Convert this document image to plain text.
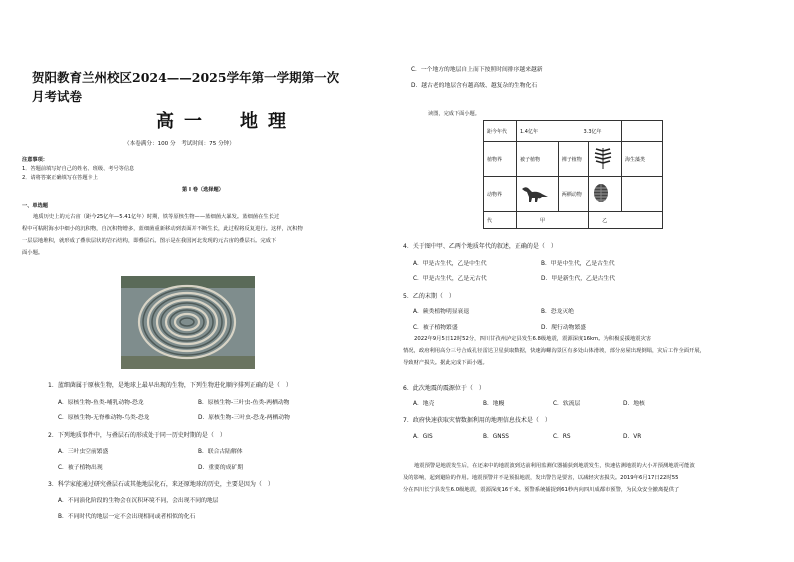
贺阳教育兰州校区2024——2025学年第一学期第一次
月考试卷
高一　地理
（本卷满分：100 分　考试时间：75 分钟）
注意事项：
1．答题前填写好自己的姓名、班级、考号等信息
2．请将答案正确填写在答题卡上
第 I 卷（选择题）
一、单选题

地质历史上的元古宙（距今25亿年—5.41亿年）时期，铁等原核生物——蓝细菌大暴发。蓝细菌在生长过

程中可粘附海水中细小的沉积物，自沉积物增多，蓝细菌重新移动到表面并不断生长，此过程将反复进行。这样，沉积物
一层层地堆积，就形成了叠状层状的岩石结构，即叠层石。图示是在我国河北发现的元古宙的叠层石。完成下
面小题。
1．蓝细菌属于原核生物，是地球上最早出现的生物，下列生物进化顺序排列正确的是（　）
A．原核生物-鱼类-哺乳动物-恐龙	B．原核生物-三叶虫-鱼类-两栖动物
C．原核生物-无脊椎动物-鸟类-恐龙	D．原核生物-三叶虫-恐龙-两栖动物
2．下列地质事件中，与叠层石的形成处于同一历史时期的是（　）
A．三叶虫空前繁盛	B．联合古陆解体
C．被子植物出现	D．重要的成矿期
3．科学家能通过研究叠层石或其他地层化石，来还原地球的历史，主要是因为（　）
A．不同演化阶段的生物会在沉积环境不同，会出现不同的地层
B．不同时代的地层一定不会出现相同或者相似的化石
C．一个地方的地层自上而下按照时间排序越来越新
D．越古老的地层含有越高级、越复杂的生物化石
读图，完成下面小题。
距今年代	1.4亿年 3.3亿年			
植物界	被子植物	裸子植物		海生藻类
动物界		两栖动物		
代	甲		乙	
4．关于图中甲、乙两个地质年代的叙述，正确的是（　）
A．甲是古生代，乙是中生代	B．甲是中生代，乙是古生代
C．甲是古生代，乙是元古代	D．甲是新生代，乙是古生代
5．乙的末期（　）
A．蕨类植物明显衰退	B．恐龙灭绝
C．被子植物繁盛	D．爬行动物繁盛

2022年9月5日12时52分，四川甘孜州泸定县发生6.8级地震，震源深度16km。为积极妥援地震灾害

情况，政府利用高分三号合成孔径雷达卫星获取数据，快速海螺沟景区有多处山体滑坡，部分房屋出现倒塌，灾后工作全面开展，
导致财产损失。据此完成下面小题。
6．此次地震的震源位于（　）
A．地壳	B．地幔	C．软流层	D．地核
7．政府快速获取灾情数据利用的地理信息技术是（　）
A．GIS	B．GNSS	C．RS	D．VR

地震预警是地震发生后，在还来中的地震波到达前利用监测仪器捕获到地震发生，快速估测地震的大小并预测地震可能波

及的影响，起到避险的作用。地震预警并不是预报地震，发出警告是要害，以减轻灾害损失。2019年6月17日22时55
分在四川长宁县发生6.0级地震，震源深度16千米。预警系统捕捉到61秒内向四川成都市预警，为民众安全撤离提供了
